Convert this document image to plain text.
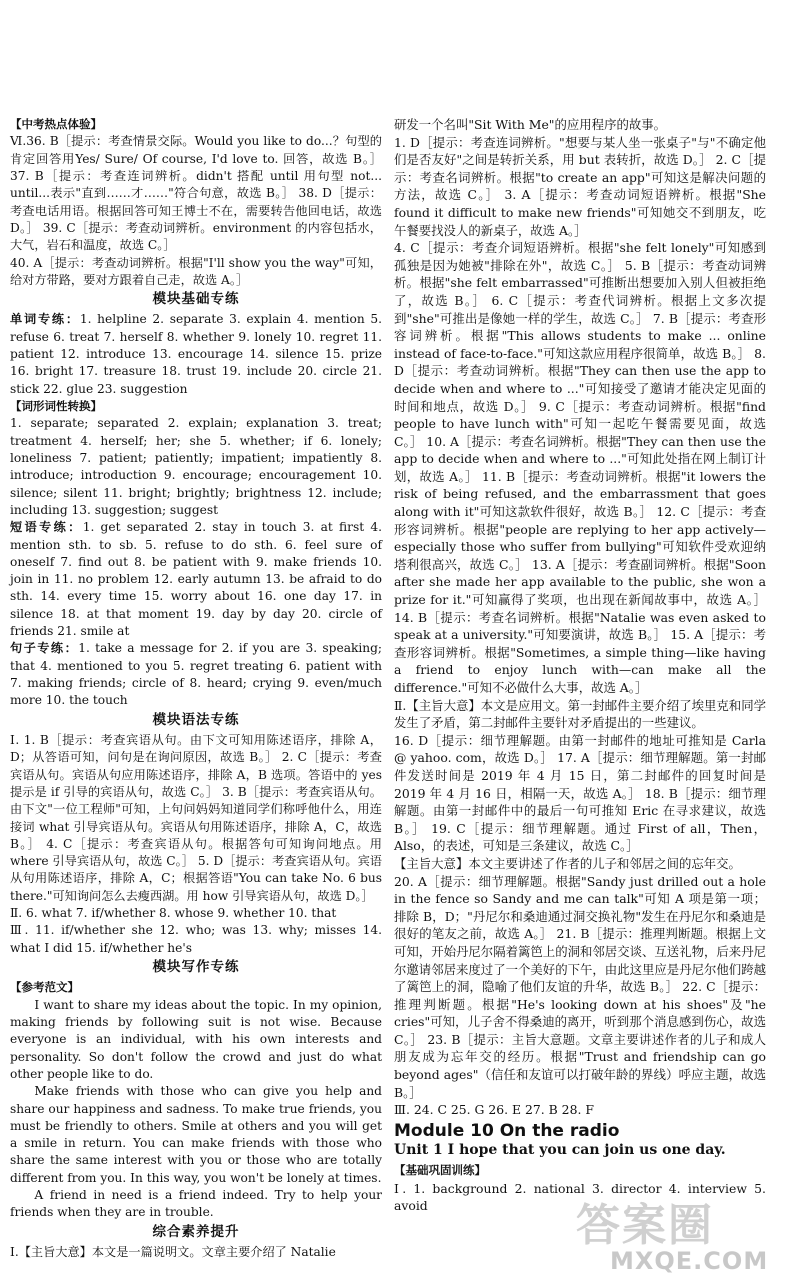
【中考热点体验】

Ⅵ.36. B［提示：考查情景交际。Would you like to do...？句型的肯定回答用Yes/ Sure/ Of course, I'd love to. 回答，故选 B。］ 37. B［提示：考查连词辨析。didn't 搭配 until 用句型 not... until...表示"直到……才……"符合句意，故选 B。］ 38. D［提示：考查电话用语。根据回答可知王博士不在，需要转告他回电话，故选 D。］ 39. C［提示：考查动词辨析。environment 的内容包括水，大气，岩石和温度，故选 C。］

40. A［提示：考查动词辨析。根据"I'll show you the way"可知，给对方带路，要对方跟着自己走，故选 A。］

模块基础专练

单词专练：1. helpline 2. separate 3. explain 4. mention 5. refuse 6. treat 7. herself 8. whether 9. lonely 10. regret 11. patient 12. introduce 13. encourage 14. silence 15. prize 16. bright 17. treasure 18. trust 19. include 20. circle 21. stick 22. glue 23. suggestion

【词形词性转换】

1. separate; separated 2. explain; explanation 3. treat; treatment 4. herself; her; she 5. whether; if 6. lonely; loneliness 7. patient; patiently; impatient; impatiently 8. introduce; introduction 9. encourage; encouragement 10. silence; silent 11. bright; brightly; brightness 12. include; including 13. suggestion; suggest

短语专练：1. get separated 2. stay in touch 3. at first 4. mention sth. to sb. 5. refuse to do sth. 6. feel sure of oneself 7. find out 8. be patient with 9. make friends 10. join in 11. no problem 12. early autumn 13. be afraid to do sth. 14. every time 15. worry about 16. one day 17. in silence 18. at that moment 19. day by day 20. circle of friends 21. smile at

句子专练：1. take a message for 2. if you are 3. speaking; that 4. mentioned to you 5. regret treating 6. patient with 7. making friends; circle of 8. heard; crying 9. even/much more 10. the touch

模块语法专练

Ⅰ. 1. B［提示：考查宾语从句。由下文可知用陈述语序，排除 A，D；从答语可知，问句是在询问原因，故选 B。］ 2. C［提示：考查宾语从句。宾语从句应用陈述语序，排除 A，B 选项。答语中的 yes 提示是 if 引导的宾语从句，故选 C。］ 3. B［提示：考查宾语从句。由下文"一位工程师"可知，上句问妈妈知道同学们称呼他什么，用连接词 what 引导宾语从句。宾语从句用陈述语序，排除 A，C，故选 B。］ 4. C［提示：考查宾语从句。根据答句可知询问地点。用 where 引导宾语从句，故选 C。］ 5. D［提示：考查宾语从句。宾语从句用陈述语序，排除 A，C；根据答语"You can take No. 6 bus there."可知询问怎么去瘦西湖。用 how 引导宾语从句，故选 D。］

Ⅱ. 6. what 7. if/whether 8. whose 9. whether 10. that

Ⅲ. 11. if/whether she 12. who; was 13. why; misses 14. what I did 15. if/whether he's

模块写作专练

【参考范文】

I want to share my ideas about the topic. In my opinion, making friends by following suit is not wise. Because everyone is an individual, with his own interests and personality. So don't follow the crowd and just do what other people like to do.

Make friends with those who can give you help and share our happiness and sadness. To make true friends, you must be friendly to others. Smile at others and you will get a smile in return. You can make friends with those who share the same interest with you or those who are totally different from you. In this way, you won't be lonely at times.

A friend in need is a friend indeed. Try to help your friends when they are in trouble.

综合素养提升

Ⅰ.【主旨大意】本文是一篇说明文。文章主要介绍了 Natalie

研发一个名叫"Sit With Me"的应用程序的故事。

1. D［提示：考查连词辨析。"想要与某人坐一张桌子"与"不确定他们是否友好"之间是转折关系，用 but 表转折，故选 D。］ 2. C［提示：考查名词辨析。根据"to create an app"可知这是解决问题的方法，故选 C。］ 3. A［提示：考查动词短语辨析。根据"She found it difficult to make new friends"可知她交不到朋友，吃午餐要找没人的新桌子，故选 A。］

4. C［提示：考查介词短语辨析。根据"she felt lonely"可知感到孤独是因为她被"排除在外"，故选 C。］ 5. B［提示：考查动词辨析。根据"she felt embarrassed"可推断出想要加入别人但被拒绝了，故选 B。］ 6. C［提示：考查代词辨析。根据上文多次提到"she"可推出是像她一样的学生，故选 C。］ 7. B［提示：考查形容词辨析。根据"This allows students to make ... online instead of face-to-face."可知这款应用程序很简单，故选 B。］ 8. D［提示：考查动词辨析。根据"They can then use the app to decide when and where to ..."可知接受了邀请才能决定见面的时间和地点，故选 D。］ 9. C［提示：考查动词辨析。根据"find people to have lunch with"可知一起吃午餐需要见面，故选 C。］ 10. A［提示：考查名词辨析。根据"They can then use the app to decide when and where to ..."可知此处指在网上制订计划，故选 A。］ 11. B［提示：考查动词辨析。根据"it lowers the risk of being refused, and the embarrassment that goes along with it"可知这款软件很好，故选 B。］ 12. C［提示：考查形容词辨析。根据"people are replying to her app actively—especially those who suffer from bullying"可知软件受欢迎纳塔利很高兴，故选 C。］ 13. A［提示：考查副词辨析。根据"Soon after she made her app available to the public, she won a prize for it."可知赢得了奖项，也出现在新闻故事中，故选 A。］ 14. B［提示：考查名词辨析。根据"Natalie was even asked to speak at a university."可知要演讲，故选 B。］ 15. A［提示：考查形容词辨析。根据"Sometimes, a simple thing—like having a friend to enjoy lunch with—can make all the difference."可知不必做什么大事，故选 A。］

Ⅱ.【主旨大意】本文是应用文。第一封邮件主要介绍了埃里克和同学发生了矛盾，第二封邮件主要针对矛盾提出的一些建议。

16. D［提示：细节理解题。由第一封邮件的地址可推知是 Carla @ yahoo. com，故选 D。］ 17. A［提示：细节理解题。第一封邮件发送时间是 2019 年 4 月 15 日，第二封邮件的回复时间是 2019 年 4 月 16 日，相隔一天，故选 A。］ 18. B［提示：细节理解题。由第一封邮件中的最后一句可推知 Eric 在寻求建议，故选 B。］ 19. C［提示：细节理解题。通过 First of all，Then，Also，的表述，可知是三条建议，故选 C。］

【主旨大意】本文主要讲述了作者的儿子和邻居之间的忘年交。

20. A［提示：细节理解题。根据"Sandy just drilled out a hole in the fence so Sandy and me can talk"可知 A 项是第一项；排除 B，D；"丹尼尔和桑迪通过洞交换礼物"发生在丹尼尔和桑迪是很好的笔友之前，故选 A。］ 21. B［提示：推理判断题。根据上文可知，开始丹尼尔隔着篱笆上的洞和邻居交谈、互送礼物，后来丹尼尔邀请邻居来度过了一个美好的下午，由此这里应是丹尼尔他们跨越了篱笆上的洞，隐喻了他们友谊的升华，故选 B。］ 22. C［提示：推理判断题。根据"He's looking down at his shoes"及"he cries"可知，儿子舍不得桑迪的离开，听到那个消息感到伤心，故选 C。］ 23. B［提示：主旨大意题。文章主要讲述作者的儿子和成人朋友成为忘年交的经历。根据"Trust and friendship can go beyond ages"（信任和友谊可以打破年龄的界线）呼应主题，故选 B。］

Ⅲ. 24. C 25. G 26. E 27. B 28. F

Module 10 On the radio
Unit 1 I hope that you can join us one day.

【基础巩固训练】

Ⅰ. 1. background 2. national 3. director 4. interview 5. avoid	答案圈
MXQE.COM
